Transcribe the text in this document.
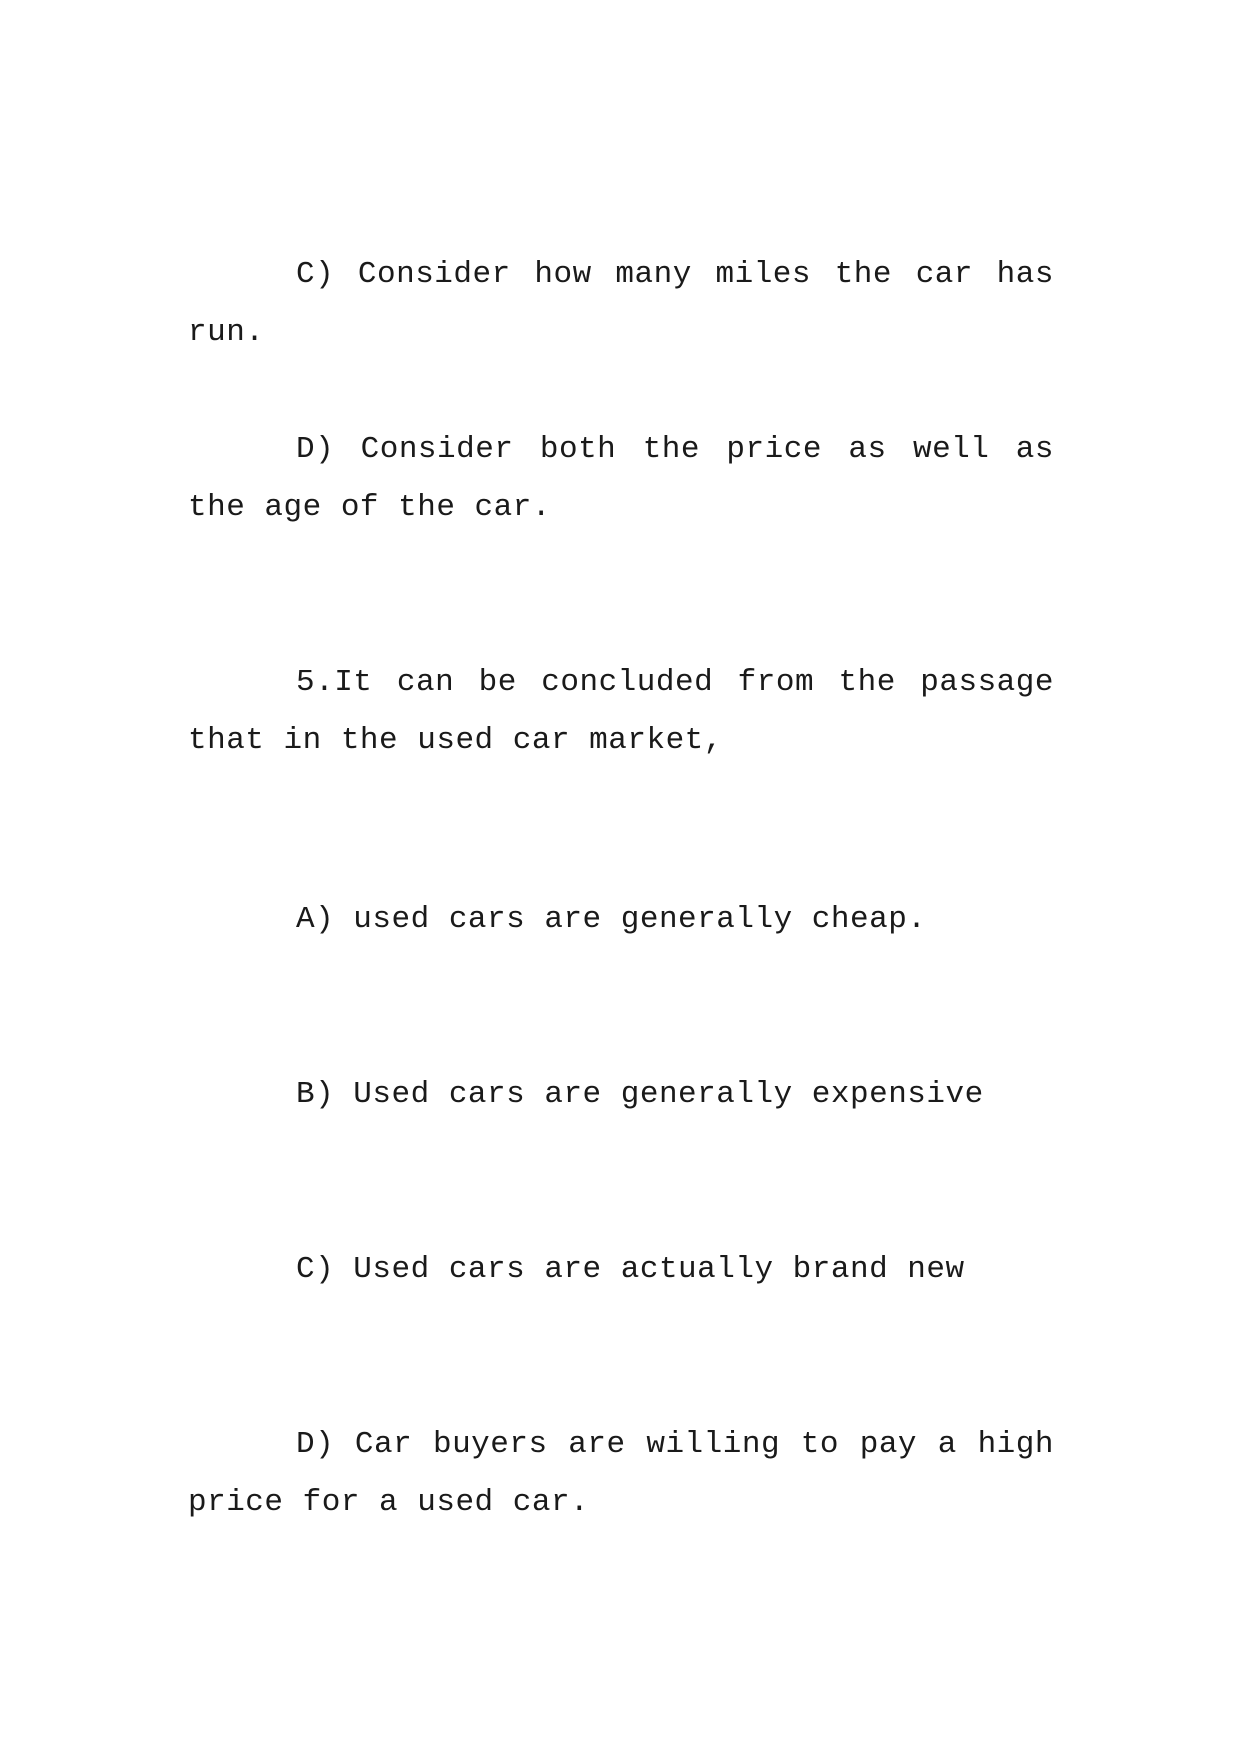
C) Consider how many miles the car has run.

D) Consider both the price as well as the age of the car.

5.It can be concluded from the passage that in the used car market,

A) used cars are generally cheap.

B) Used cars are generally expensive

C) Used cars are actually brand new

D) Car buyers are willing to pay a high price for a used car.
